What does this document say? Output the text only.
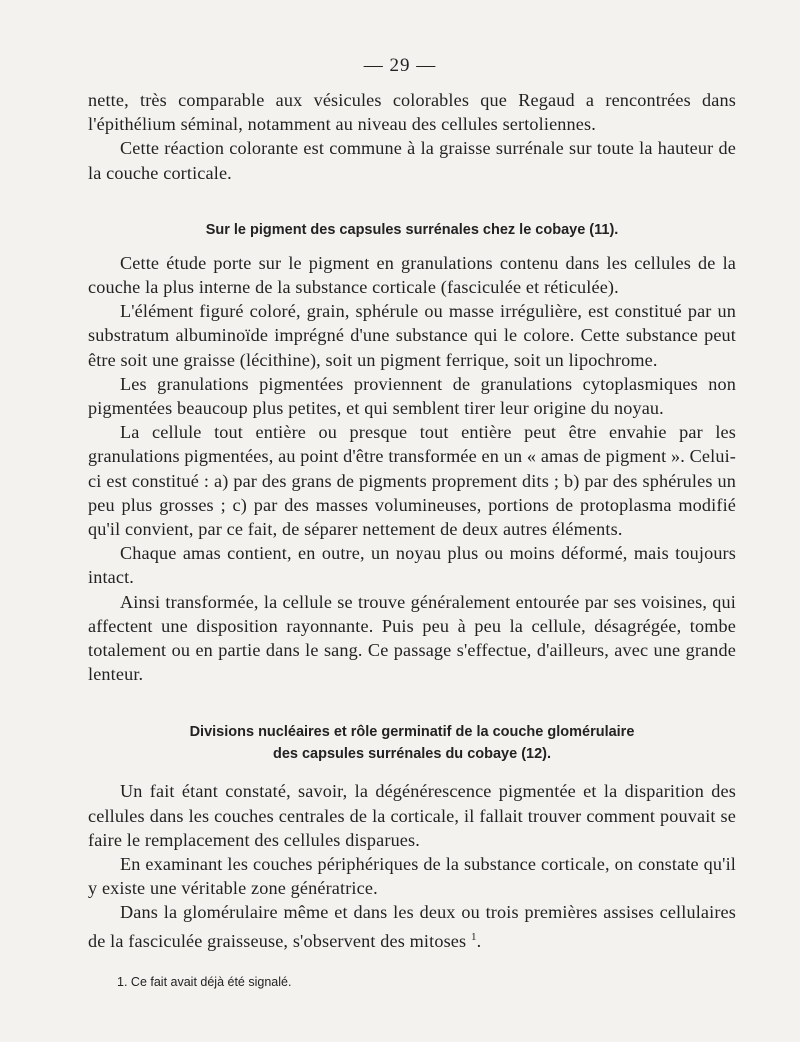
— 29 —

nette, très comparable aux vésicules colorables que Regaud a rencontrées dans l'épithélium séminal, notamment au niveau des cellules sertoliennes.

Cette réaction colorante est commune à la graisse surrénale sur toute la hauteur de la couche corticale.

Sur le pigment des capsules surrénales chez le cobaye (11).

Cette étude porte sur le pigment en granulations contenu dans les cellules de la couche la plus interne de la substance corticale (fasciculée et réticulée).

L'élément figuré coloré, grain, sphérule ou masse irrégulière, est constitué par un substratum albuminoïde imprégné d'une substance qui le colore. Cette substance peut être soit une graisse (lécithine), soit un pigment ferrique, soit un lipochrome.

Les granulations pigmentées proviennent de granulations cytoplasmiques non pigmentées beaucoup plus petites, et qui semblent tirer leur origine du noyau.

La cellule tout entière ou presque tout entière peut être envahie par les granulations pigmentées, au point d'être transformée en un « amas de pigment ». Celui-ci est constitué : a) par des grans de pigments proprement dits ; b) par des sphérules un peu plus grosses ; c) par des masses volumineuses, portions de protoplasma modifié qu'il convient, par ce fait, de séparer nettement de deux autres éléments.

Chaque amas contient, en outre, un noyau plus ou moins déformé, mais toujours intact.

Ainsi transformée, la cellule se trouve généralement entourée par ses voisines, qui affectent une disposition rayonnante. Puis peu à peu la cellule, désagrégée, tombe totalement ou en partie dans le sang. Ce passage s'effectue, d'ailleurs, avec une grande lenteur.

Divisions nucléaires et rôle germinatif de la couche glomérulaire
des capsules surrénales du cobaye (12).

Un fait étant constaté, savoir, la dégénérescence pigmentée et la disparition des cellules dans les couches centrales de la corticale, il fallait trouver comment pouvait se faire le remplacement des cellules disparues.

En examinant les couches périphériques de la substance corticale, on constate qu'il y existe une véritable zone génératrice.

Dans la glomérulaire même et dans les deux ou trois premières assises cellulaires de la fasciculée graisseuse, s'observent des mitoses $^1$.

1. Ce fait avait déjà été signalé.
